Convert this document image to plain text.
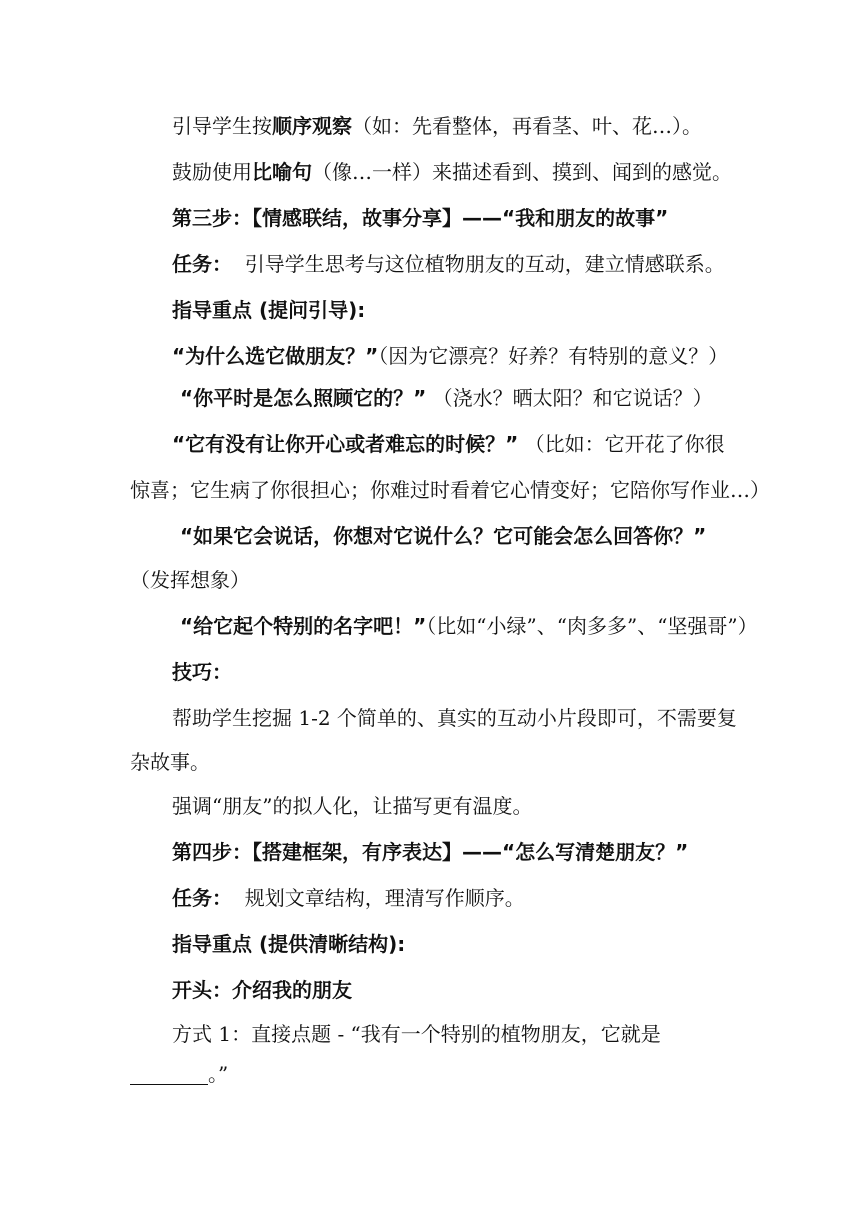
引导学生按顺序观察（如：先看整体，再看茎、叶、花…）。
鼓励使用比喻句（像…一样）来描述看到、摸到、闻到的感觉。
第三步：【情感联结，故事分享】——“我和朋友的故事”
任务：  引导学生思考与这位植物朋友的互动，建立情感联系。
指导重点 (提问引导):
“为什么选它做朋友？”（因为它漂亮？好养？有特别的意义？）
“你平时是怎么照顾它的？” （浇水？晒太阳？和它说话？）
“它有没有让你开心或者难忘的时候？” （比如：它开花了你很
惊喜；它生病了你很担心；你难过时看着它心情变好；它陪你写作业…）
“如果它会说话，你想对它说什么？它可能会怎么回答你？”
（发挥想象）
“给它起个特别的名字吧！”（比如“小绿”、“肉多多”、“坚强哥”）
技巧：
帮助学生挖掘 1-2 个简单的、真实的互动小片段即可，不需要复
杂故事。
强调“朋友”的拟人化，让描写更有温度。
第四步：【搭建框架，有序表达】——“怎么写清楚朋友？”
任务：  规划文章结构，理清写作顺序。
指导重点 (提供清晰结构):
开头：介绍我的朋友
方式 1：直接点题 - “我有一个特别的植物朋友，它就是
。”
